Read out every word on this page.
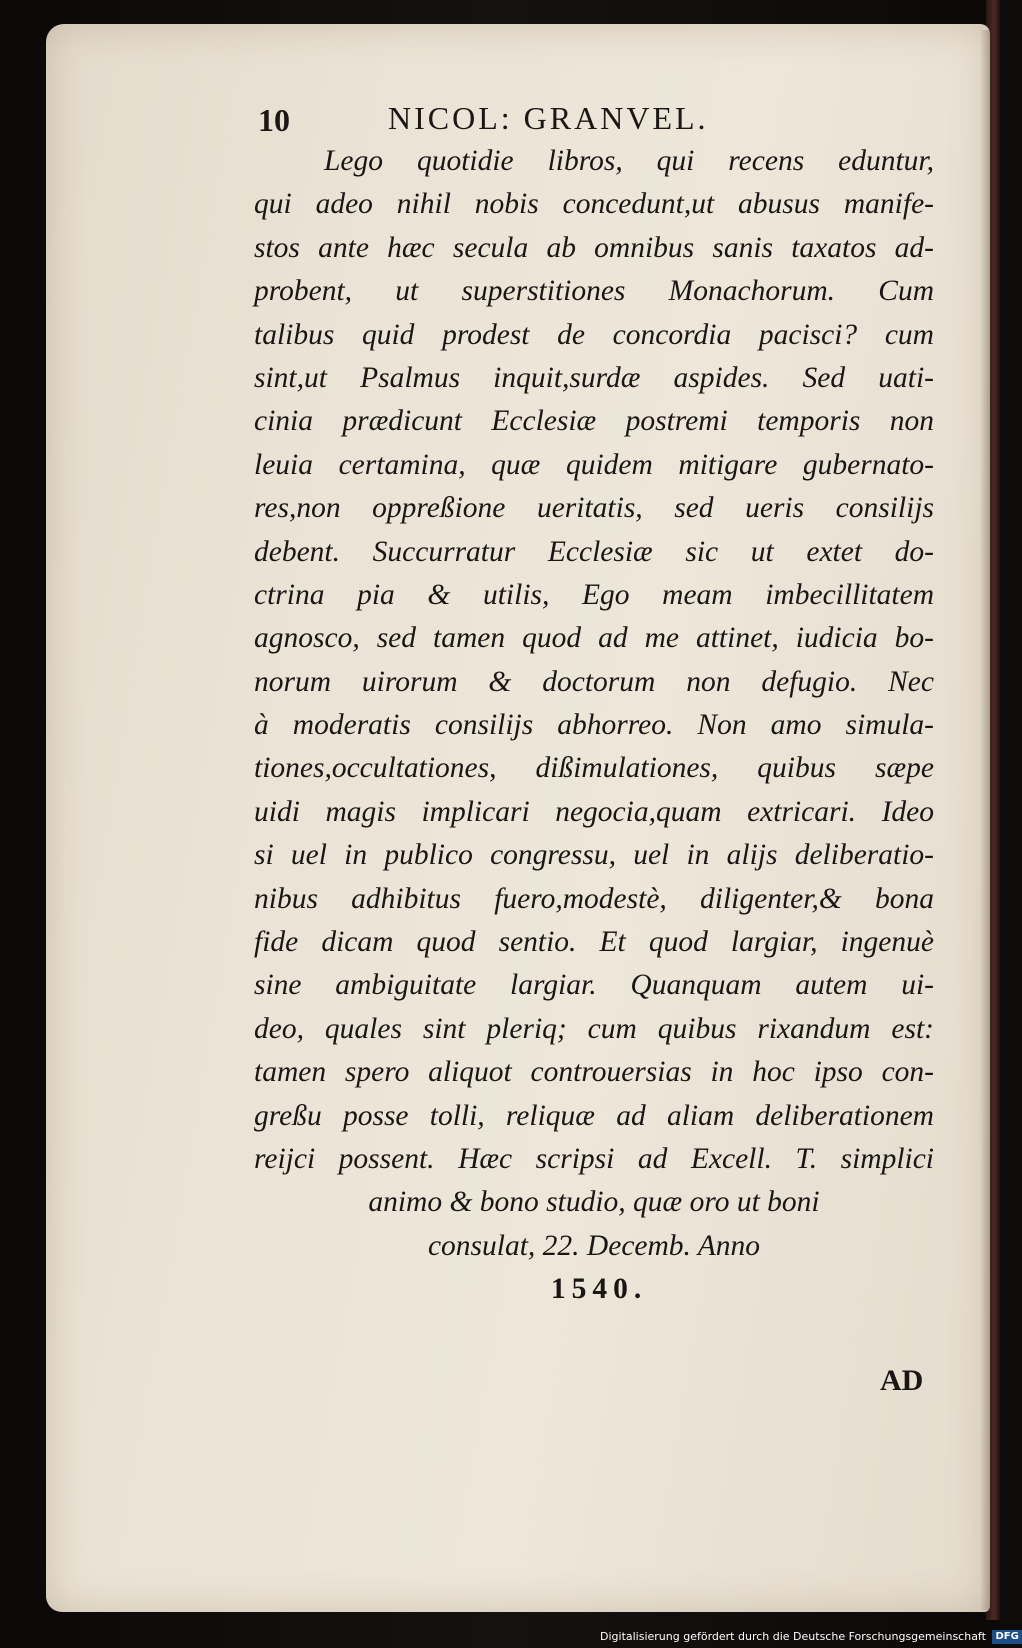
10	NICOL: GRANVEL.
Lego quotidie libros, qui recens eduntur,
qui adeo nihil nobis concedunt,ut abusus manife-
stos ante hæc secula ab omnibus sanis taxatos ad-
probent, ut superstitiones Monachorum. Cum
talibus quid prodest de concordia pacisci? cum
sint,ut Psalmus inquit,surdæ aspides. Sed uati-
cinia prædicunt Ecclesiæ postremi temporis non
leuia certamina, quæ quidem mitigare gubernato-
res,non oppreßione ueritatis, sed ueris consilijs
debent. Succurratur Ecclesiæ sic ut extet do-
ctrina pia & utilis, Ego meam imbecillitatem
agnosco, sed tamen quod ad me attinet, iudicia bo-
norum uirorum & doctorum non defugio. Nec
à moderatis consilijs abhorreo. Non amo simula-
tiones,occultationes, dißimulationes, quibus sæpe
uidi magis implicari negocia,quam extricari. Ideo
si uel in publico congressu, uel in alijs deliberatio-
nibus adhibitus fuero,modestè, diligenter,& bona
fide dicam quod sentio. Et quod largiar, ingenuè
sine ambiguitate largiar. Quanquam autem ui-
deo, quales sint pleriq; cum quibus rixandum est:
tamen spero aliquot controuersias in hoc ipso con-
greßu posse tolli, reliquæ ad aliam deliberationem
reijci possent. Hæc scripsi ad Excell. T. simplici
animo & bono studio, quæ oro ut boni
consulat, 22. Decemb. Anno
1540.
AD
Digitalisierung gefördert durch die Deutsche Forschungsgemeinschaft DFG
